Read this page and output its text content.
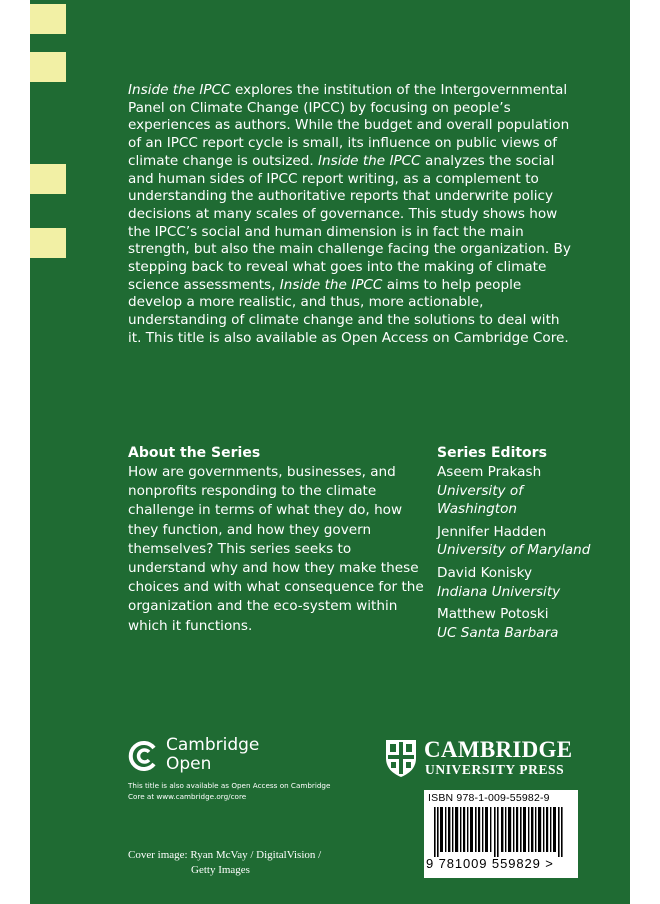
Inside the IPCC explores the institution of the Intergovernmental Panel on Climate Change (IPCC) by focusing on people’s experiences as authors. While the budget and overall population of an IPCC report cycle is small, its influence on public views of climate change is outsized. Inside the IPCC analyzes the social and human sides of IPCC report writing, as a complement to understanding the authoritative reports that underwrite policy decisions at many scales of governance. This study shows how the IPCC’s social and human dimension is in fact the main strength, but also the main challenge facing the organization. By stepping back to reveal what goes into the making of climate science assessments, Inside the IPCC aims to help people develop a more realistic, and thus, more actionable, understanding of climate change and the solutions to deal with it. This title is also available as Open Access on Cambridge Core.
About the Series
How are governments, businesses, and nonprofits responding to the climate challenge in terms of what they do, how they function, and how they govern themselves? This series seeks to understand why and how they make these choices and with what consequence for the organization and the eco-system within which it functions.
Series Editors
Aseem Prakash
University of Washington
Jennifer Hadden
University of Maryland
David Konisky
Indiana University
Matthew Potoski
UC Santa Barbara
Cambridge
Open
This title is also available as Open Access on Cambridge Core at www.cambridge.org/core
Cover image: Ryan McVay / DigitalVision /
Getty Images
CAMBRIDGE
UNIVERSITY PRESS
ISBN 978-1-009-55982-9
9 781009 559829 >
